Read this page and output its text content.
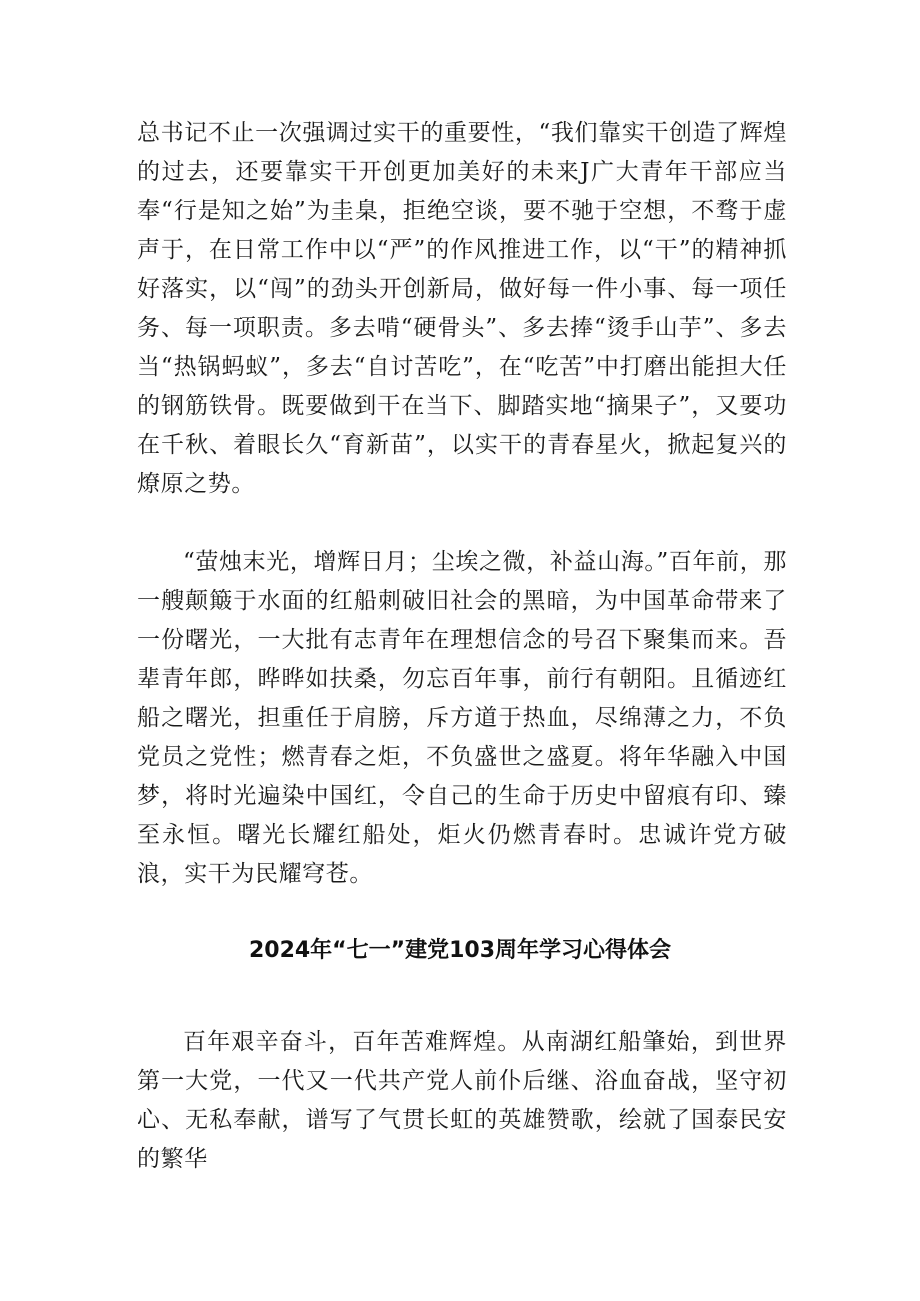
总书记不止一次强调过实干的重要性，“我们靠实干创造了辉煌的过去，还要靠实干开创更加美好的未来J广大青年干部应当奉“行是知之始”为圭臬，拒绝空谈，要不驰于空想，不骛于虚声于，在日常工作中以“严”的作风推进工作，以“干”的精神抓好落实，以“闯”的劲头开创新局，做好每一件小事、每一项任务、每一项职责。多去啃“硬骨头”、多去捧“烫手山芋”、多去当“热锅蚂蚁”，多去“自讨苦吃”，在“吃苦”中打磨出能担大任的钢筋铁骨。既要做到干在当下、脚踏实地“摘果子”，又要功在千秋、着眼长久“育新苗”，以实干的青春星火，掀起复兴的燎原之势。

“萤烛末光，增辉日月；尘埃之微，补益山海。”百年前，那一艘颠簸于水面的红船刺破旧社会的黑暗，为中国革命带来了一份曙光，一大批有志青年在理想信念的号召下聚集而来。吾辈青年郎，晔晔如扶桑，勿忘百年事，前行有朝阳。且循迹红船之曙光，担重任于肩膀，斥方道于热血，尽绵薄之力，不负党员之党性；燃青春之炬，不负盛世之盛夏。将年华融入中国梦，将时光遍染中国红，令自己的生命于历史中留痕有印、臻至永恒。曙光长耀红船处，炬火仍燃青春时。忠诚许党方破浪，实干为民耀穹苍。

2024年“七一”建党103周年学习心得体会

百年艰辛奋斗，百年苦难辉煌。从南湖红船肇始，到世界第一大党，一代又一代共产党人前仆后继、浴血奋战，坚守初心、无私奉献，谱写了气贯长虹的英雄赞歌，绘就了国泰民安的繁华
